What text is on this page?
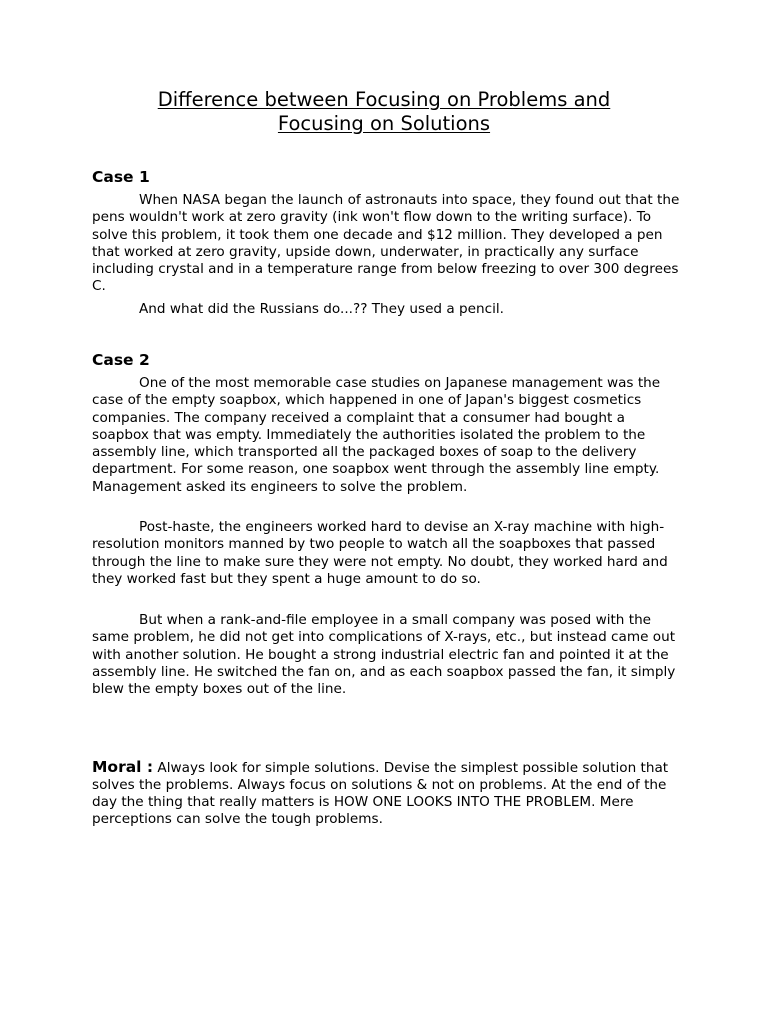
Difference between Focusing on Problems and
Focusing on Solutions
Case 1

When NASA began the launch of astronauts into space, they found out that the pens wouldn't work at zero gravity (ink won't flow down to the writing surface). To solve this problem, it took them one decade and $12 million. They developed a pen that worked at zero gravity, upside down, underwater, in practically any surface including crystal and in a temperature range from below freezing to over 300 degrees C.

And what did the Russians do...?? They used a pencil.

Case 2

One of the most memorable case studies on Japanese management was the case of the empty soapbox, which happened in one of Japan's biggest cosmetics companies. The company received a complaint that a consumer had bought a soapbox that was empty. Immediately the authorities isolated the problem to the assembly line, which transported all the packaged boxes of soap to the delivery department. For some reason, one soapbox went through the assembly line empty. Management asked its engineers to solve the problem.

Post-haste, the engineers worked hard to devise an X-ray machine with high-resolution monitors manned by two people to watch all the soapboxes that passed through the line to make sure they were not empty. No doubt, they worked hard and they worked fast but they spent a huge amount to do so.

But when a rank-and-file employee in a small company was posed with the same problem, he did not get into complications of X-rays, etc., but instead came out with another solution. He bought a strong industrial electric fan and pointed it at the assembly line. He switched the fan on, and as each soapbox passed the fan, it simply blew the empty boxes out of the line.

Moral : Always look for simple solutions. Devise the simplest possible solution that solves the problems. Always focus on solutions & not on problems. At the end of the day the thing that really matters is HOW ONE LOOKS INTO THE PROBLEM. Mere perceptions can solve the tough problems.
